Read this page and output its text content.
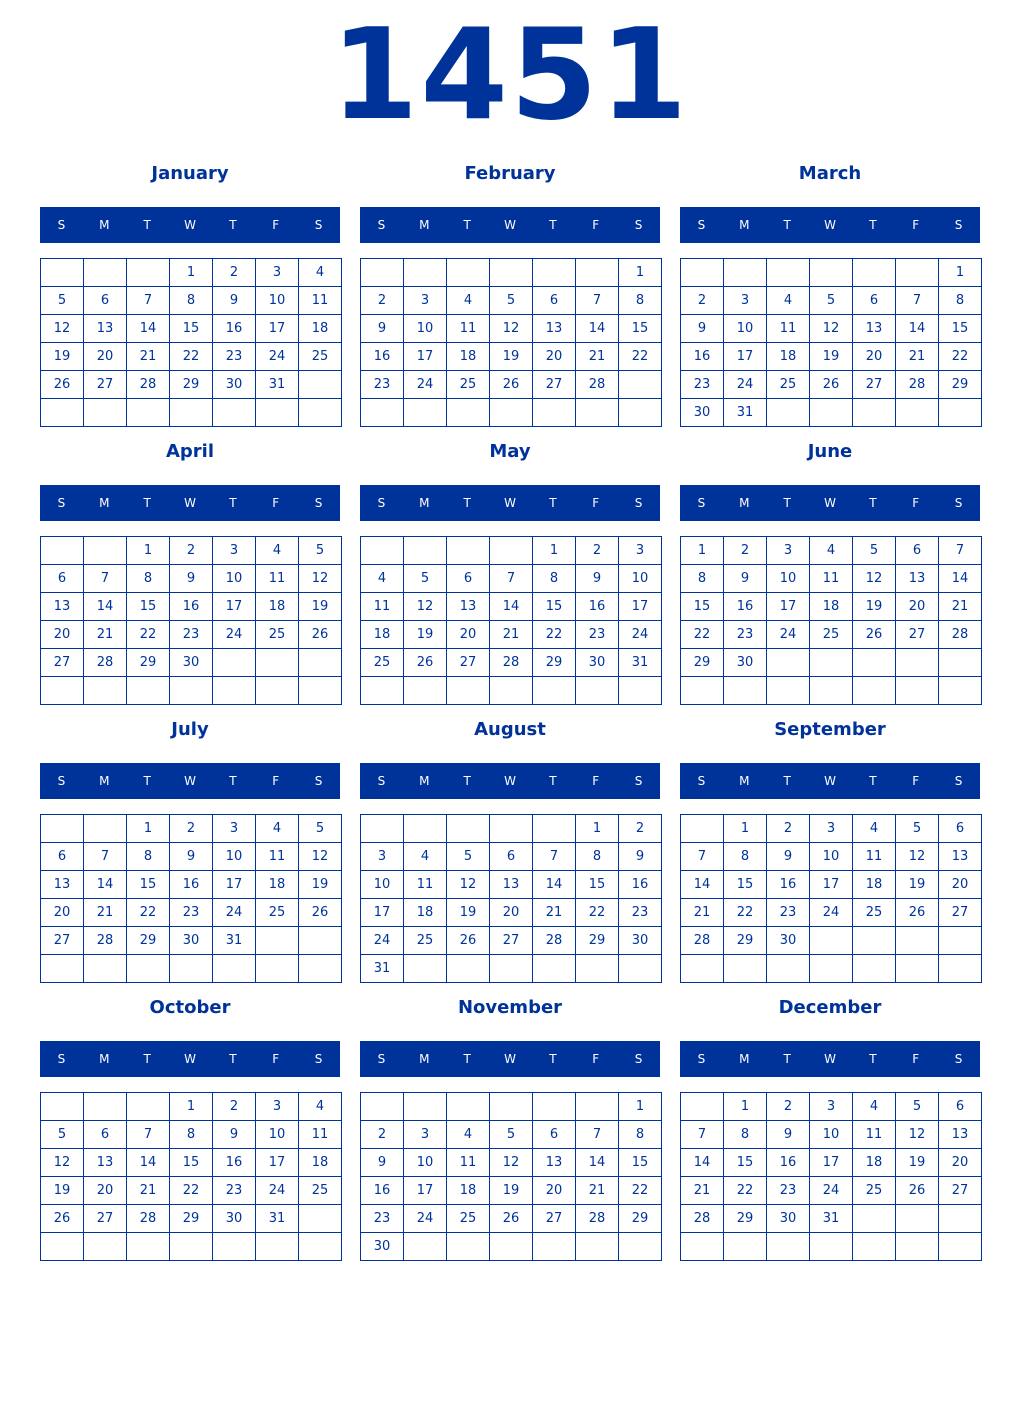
1451
January
S	M	T	W	T	F	S
			1	2	3	4
5	6	7	8	9	10	11
12	13	14	15	16	17	18
19	20	21	22	23	24	25
26	27	28	29	30	31	

February
S	M	T	W	T	F	S
						1
2	3	4	5	6	7	8
9	10	11	12	13	14	15
16	17	18	19	20	21	22
23	24	25	26	27	28	

March
S	M	T	W	T	F	S
						1
2	3	4	5	6	7	8
9	10	11	12	13	14	15
16	17	18	19	20	21	22
23	24	25	26	27	28	29
30	31					
April
S	M	T	W	T	F	S
		1	2	3	4	5
6	7	8	9	10	11	12
13	14	15	16	17	18	19
20	21	22	23	24	25	26
27	28	29	30			

May
S	M	T	W	T	F	S
				1	2	3
4	5	6	7	8	9	10
11	12	13	14	15	16	17
18	19	20	21	22	23	24
25	26	27	28	29	30	31

June
S	M	T	W	T	F	S
1	2	3	4	5	6	7
8	9	10	11	12	13	14
15	16	17	18	19	20	21
22	23	24	25	26	27	28
29	30					

July
S	M	T	W	T	F	S
		1	2	3	4	5
6	7	8	9	10	11	12
13	14	15	16	17	18	19
20	21	22	23	24	25	26
27	28	29	30	31		

August
S	M	T	W	T	F	S
					1	2
3	4	5	6	7	8	9
10	11	12	13	14	15	16
17	18	19	20	21	22	23
24	25	26	27	28	29	30
31						
September
S	M	T	W	T	F	S
	1	2	3	4	5	6
7	8	9	10	11	12	13
14	15	16	17	18	19	20
21	22	23	24	25	26	27
28	29	30				

October
S	M	T	W	T	F	S
			1	2	3	4
5	6	7	8	9	10	11
12	13	14	15	16	17	18
19	20	21	22	23	24	25
26	27	28	29	30	31	

November
S	M	T	W	T	F	S
						1
2	3	4	5	6	7	8
9	10	11	12	13	14	15
16	17	18	19	20	21	22
23	24	25	26	27	28	29
30						
December
S	M	T	W	T	F	S
	1	2	3	4	5	6
7	8	9	10	11	12	13
14	15	16	17	18	19	20
21	22	23	24	25	26	27
28	29	30	31			
